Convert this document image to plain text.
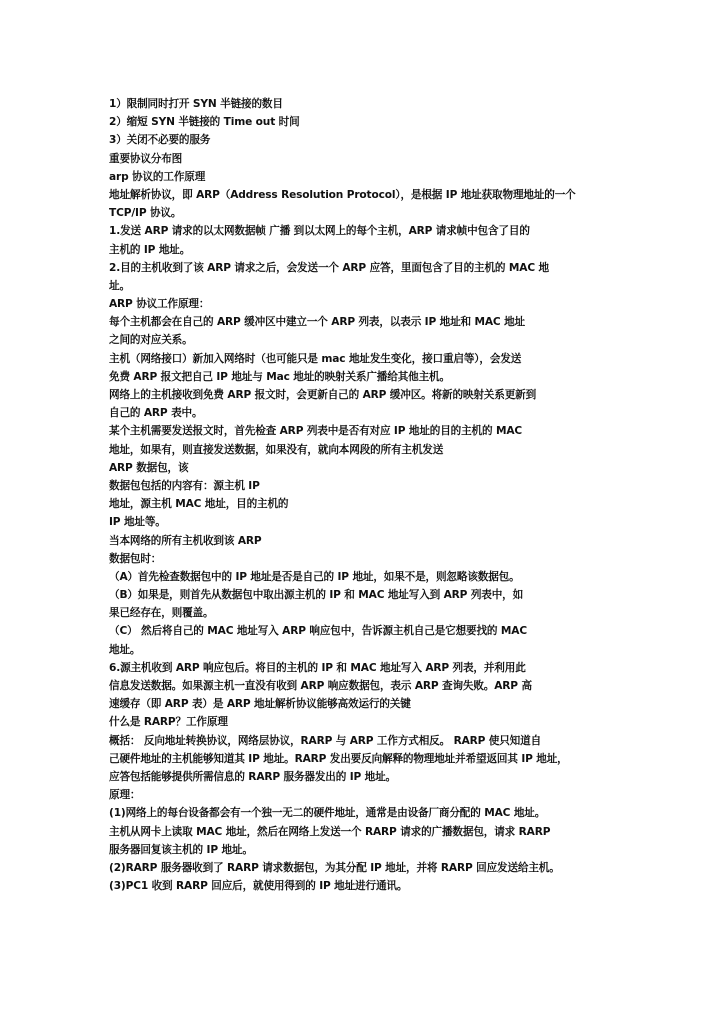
1）限制同时打开 SYN 半链接的数目
2）缩短 SYN 半链接的 Time out 时间
3）关闭不必要的服务
重要协议分布图
arp 协议的工作原理
地址解析协议，即 ARP（Address Resolution Protocol），是根据 IP 地址获取物理地址的一个
TCP/IP 协议。
1.发送 ARP 请求的以太网数据帧 广播 到以太网上的每个主机，ARP 请求帧中包含了目的
主机的 IP 地址。
2.目的主机收到了该 ARP 请求之后，会发送一个 ARP 应答，里面包含了目的主机的 MAC 地
址。
ARP 协议工作原理：
每个主机都会在自己的 ARP 缓冲区中建立一个 ARP 列表，以表示 IP 地址和 MAC 地址
之间的对应关系。
主机（网络接口）新加入网络时（也可能只是 mac 地址发生变化，接口重启等），会发送
免费 ARP 报文把自己 IP 地址与 Mac 地址的映射关系广播给其他主机。
网络上的主机接收到免费 ARP 报文时，会更新自己的 ARP 缓冲区。将新的映射关系更新到
自己的 ARP 表中。
某个主机需要发送报文时，首先检查 ARP 列表中是否有对应 IP 地址的目的主机的 MAC
地址，如果有，则直接发送数据，如果没有，就向本网段的所有主机发送
ARP 数据包，该
数据包包括的内容有：源主机 IP
地址，源主机 MAC 地址，目的主机的
IP 地址等。
当本网络的所有主机收到该 ARP
数据包时：
（A）首先检查数据包中的 IP 地址是否是自己的 IP 地址，如果不是，则忽略该数据包。
（B）如果是，则首先从数据包中取出源主机的 IP 和 MAC 地址写入到 ARP 列表中，如
果已经存在，则覆盖。
（C） 然后将自己的 MAC 地址写入 ARP 响应包中，告诉源主机自己是它想要找的 MAC
地址。
6.源主机收到 ARP 响应包后。将目的主机的 IP 和 MAC 地址写入 ARP 列表，并利用此
信息发送数据。如果源主机一直没有收到 ARP 响应数据包，表示 ARP 查询失败。ARP 高
速缓存（即 ARP 表）是 ARP 地址解析协议能够高效运行的关键
什么是 RARP？工作原理
概括： 反向地址转换协议，网络层协议，RARP 与 ARP 工作方式相反。 RARP 使只知道自
己硬件地址的主机能够知道其 IP 地址。RARP 发出要反向解释的物理地址并希望返回其 IP 地址，
应答包括能够提供所需信息的 RARP 服务器发出的 IP 地址。
原理：
(1)网络上的每台设备都会有一个独一无二的硬件地址，通常是由设备厂商分配的 MAC 地址。
主机从网卡上读取 MAC 地址，然后在网络上发送一个 RARP 请求的广播数据包，请求 RARP
服务器回复该主机的 IP 地址。
(2)RARP 服务器收到了 RARP 请求数据包，为其分配 IP 地址，并将 RARP 回应发送给主机。
(3)PC1 收到 RARP 回应后，就使用得到的 IP 地址进行通讯。
